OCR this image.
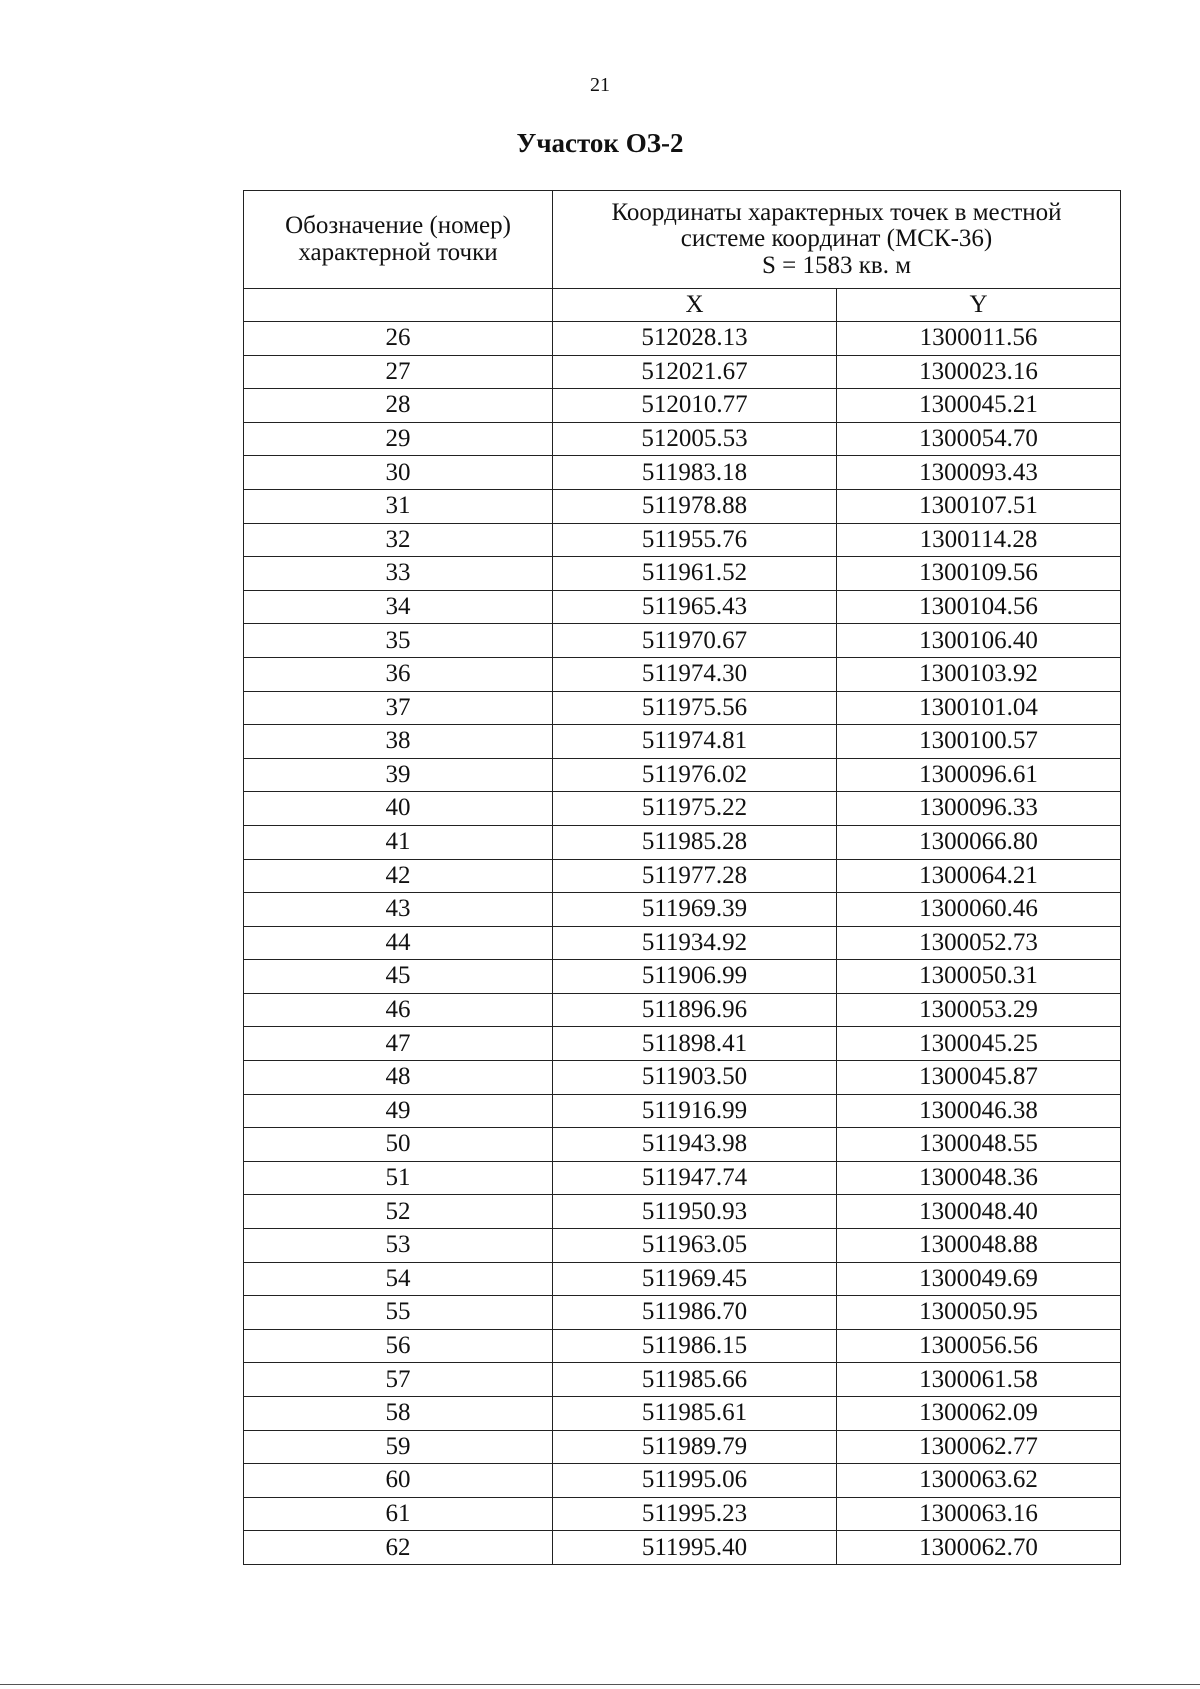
21
Участок ОЗ-2
Обозначение (номер) характерной точки	Координаты характерных точек в местной
системе координат (МСК-36)
S = 1583 кв. м	

	X	Y
26	512028.13	1300011.56
27	512021.67	1300023.16
28	512010.77	1300045.21
29	512005.53	1300054.70
30	511983.18	1300093.43
31	511978.88	1300107.51
32	511955.76	1300114.28
33	511961.52	1300109.56
34	511965.43	1300104.56
35	511970.67	1300106.40
36	511974.30	1300103.92
37	511975.56	1300101.04
38	511974.81	1300100.57
39	511976.02	1300096.61
40	511975.22	1300096.33
41	511985.28	1300066.80
42	511977.28	1300064.21
43	511969.39	1300060.46
44	511934.92	1300052.73
45	511906.99	1300050.31
46	511896.96	1300053.29
47	511898.41	1300045.25
48	511903.50	1300045.87
49	511916.99	1300046.38
50	511943.98	1300048.55
51	511947.74	1300048.36
52	511950.93	1300048.40
53	511963.05	1300048.88
54	511969.45	1300049.69
55	511986.70	1300050.95
56	511986.15	1300056.56
57	511985.66	1300061.58
58	511985.61	1300062.09
59	511989.79	1300062.77
60	511995.06	1300063.62
61	511995.23	1300063.16
62	511995.40	1300062.70
